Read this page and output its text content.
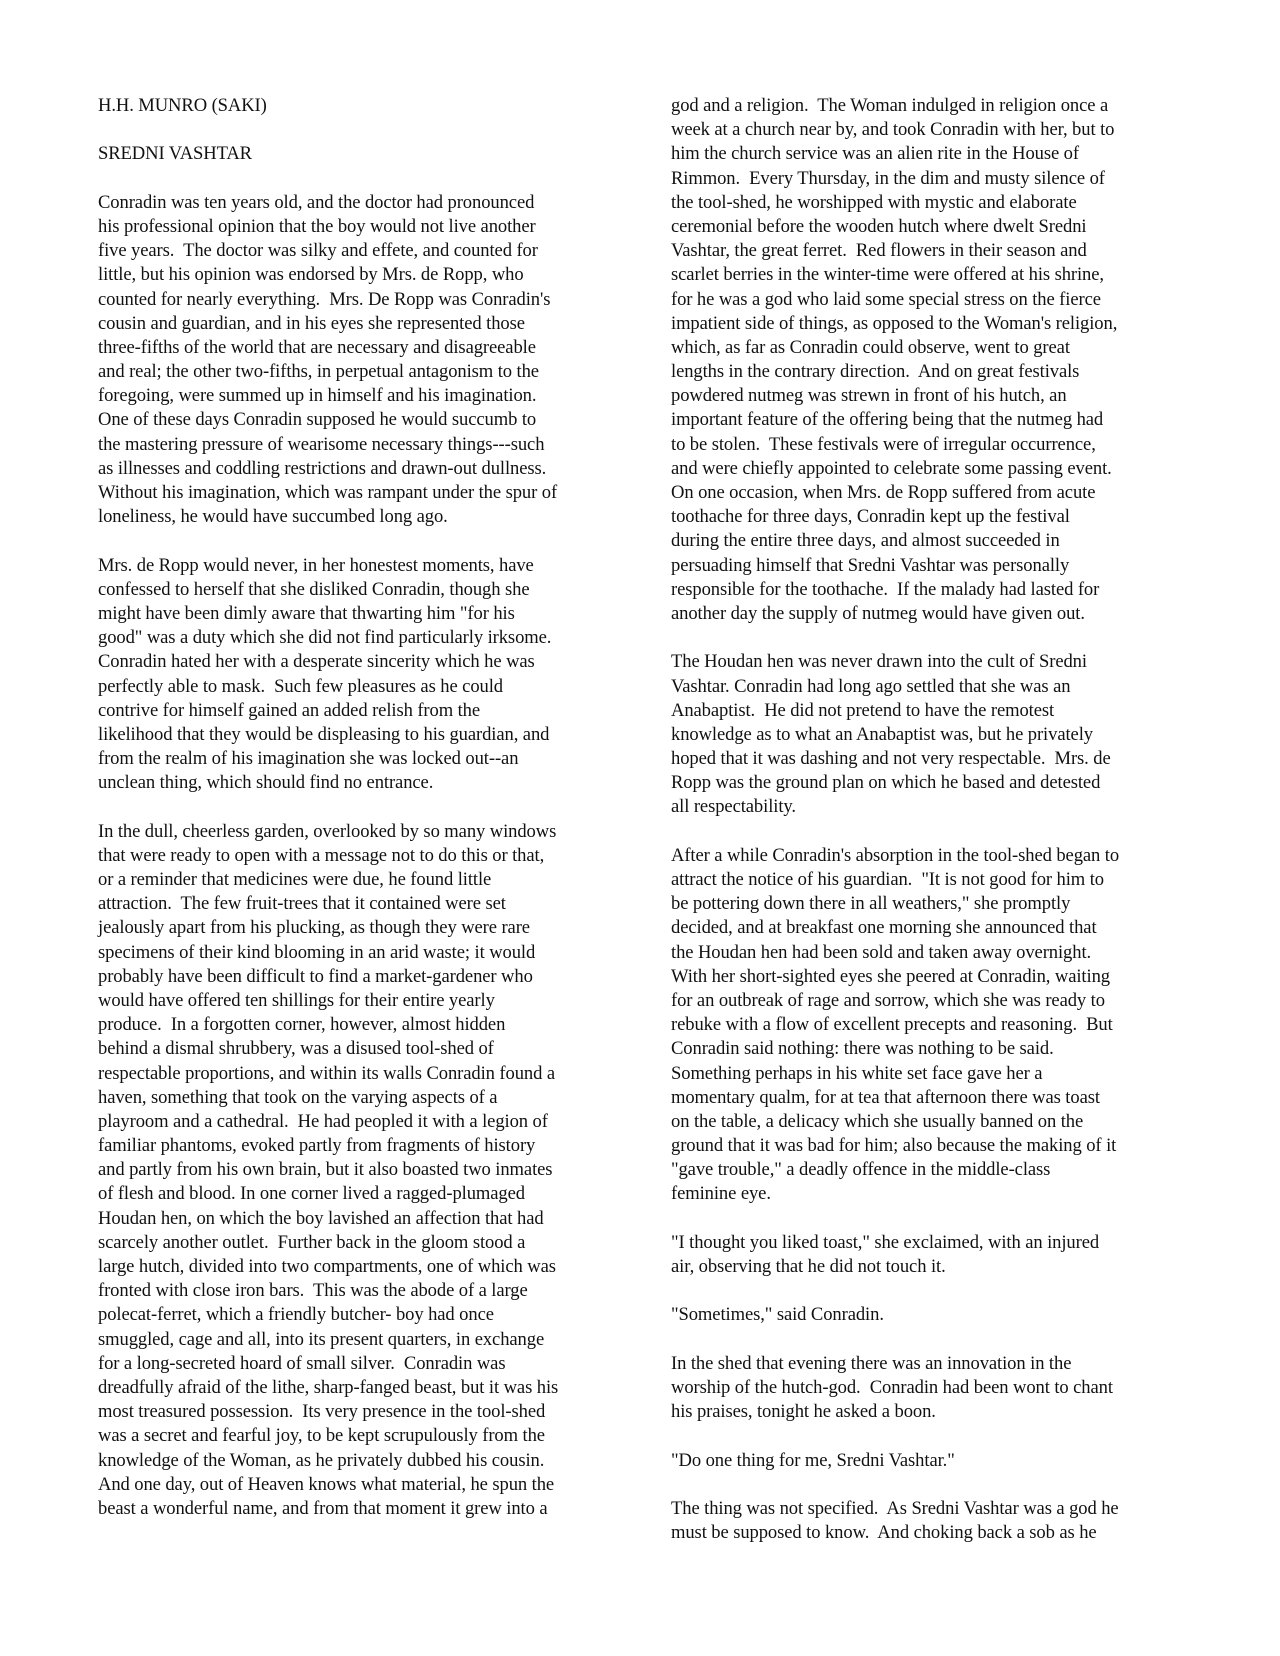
H.H. MUNRO (SAKI)
SREDNI VASHTAR
Conradin was ten years old, and the doctor had pronounced
his professional opinion that the boy would not live another
five years.  The doctor was silky and effete, and counted for
little, but his opinion was endorsed by Mrs. de Ropp, who
counted for nearly everything.  Mrs. De Ropp was Conradin's
cousin and guardian, and in his eyes she represented those
three-fifths of the world that are necessary and disagreeable
and real; the other two-fifths, in perpetual antagonism to the
foregoing, were summed up in himself and his imagination.
One of these days Conradin supposed he would succumb to
the mastering pressure of wearisome necessary things---such
as illnesses and coddling restrictions and drawn-out dullness.
Without his imagination, which was rampant under the spur of
loneliness, he would have succumbed long ago.
Mrs. de Ropp would never, in her honestest moments, have
confessed to herself that she disliked Conradin, though she
might have been dimly aware that thwarting him "for his
good" was a duty which she did not find particularly irksome.
Conradin hated her with a desperate sincerity which he was
perfectly able to mask.  Such few pleasures as he could
contrive for himself gained an added relish from the
likelihood that they would be displeasing to his guardian, and
from the realm of his imagination she was locked out--an
unclean thing, which should find no entrance.
In the dull, cheerless garden, overlooked by so many windows
that were ready to open with a message not to do this or that,
or a reminder that medicines were due, he found little
attraction.  The few fruit-trees that it contained were set
jealously apart from his plucking, as though they were rare
specimens of their kind blooming in an arid waste; it would
probably have been difficult to find a market-gardener who
would have offered ten shillings for their entire yearly
produce.  In a forgotten corner, however, almost hidden
behind a dismal shrubbery, was a disused tool-shed of
respectable proportions, and within its walls Conradin found a
haven, something that took on the varying aspects of a
playroom and a cathedral.  He had peopled it with a legion of
familiar phantoms, evoked partly from fragments of history
and partly from his own brain, but it also boasted two inmates
of flesh and blood. In one corner lived a ragged-plumaged
Houdan hen, on which the boy lavished an affection that had
scarcely another outlet.  Further back in the gloom stood a
large hutch, divided into two compartments, one of which was
fronted with close iron bars.  This was the abode of a large
polecat-ferret, which a friendly butcher- boy had once
smuggled, cage and all, into its present quarters, in exchange
for a long-secreted hoard of small silver.  Conradin was
dreadfully afraid of the lithe, sharp-fanged beast, but it was his
most treasured possession.  Its very presence in the tool-shed
was a secret and fearful joy, to be kept scrupulously from the
knowledge of the Woman, as he privately dubbed his cousin.
And one day, out of Heaven knows what material, he spun the
beast a wonderful name, and from that moment it grew into a
god and a religion.  The Woman indulged in religion once a
week at a church near by, and took Conradin with her, but to
him the church service was an alien rite in the House of
Rimmon.  Every Thursday, in the dim and musty silence of
the tool-shed, he worshipped with mystic and elaborate
ceremonial before the wooden hutch where dwelt Sredni
Vashtar, the great ferret.  Red flowers in their season and
scarlet berries in the winter-time were offered at his shrine,
for he was a god who laid some special stress on the fierce
impatient side of things, as opposed to the Woman's religion,
which, as far as Conradin could observe, went to great
lengths in the contrary direction.  And on great festivals
powdered nutmeg was strewn in front of his hutch, an
important feature of the offering being that the nutmeg had
to be stolen.  These festivals were of irregular occurrence,
and were chiefly appointed to celebrate some passing event.
On one occasion, when Mrs. de Ropp suffered from acute
toothache for three days, Conradin kept up the festival
during the entire three days, and almost succeeded in
persuading himself that Sredni Vashtar was personally
responsible for the toothache.  If the malady had lasted for
another day the supply of nutmeg would have given out.
The Houdan hen was never drawn into the cult of Sredni
Vashtar. Conradin had long ago settled that she was an
Anabaptist.  He did not pretend to have the remotest
knowledge as to what an Anabaptist was, but he privately
hoped that it was dashing and not very respectable.  Mrs. de
Ropp was the ground plan on which he based and detested
all respectability.
After a while Conradin's absorption in the tool-shed began to
attract the notice of his guardian.  "It is not good for him to
be pottering down there in all weathers," she promptly
decided, and at breakfast one morning she announced that
the Houdan hen had been sold and taken away overnight.
With her short-sighted eyes she peered at Conradin, waiting
for an outbreak of rage and sorrow, which she was ready to
rebuke with a flow of excellent precepts and reasoning.  But
Conradin said nothing: there was nothing to be said.
Something perhaps in his white set face gave her a
momentary qualm, for at tea that afternoon there was toast
on the table, a delicacy which she usually banned on the
ground that it was bad for him; also because the making of it
"gave trouble," a deadly offence in the middle-class
feminine eye.
"I thought you liked toast," she exclaimed, with an injured
air, observing that he did not touch it.
"Sometimes," said Conradin.
In the shed that evening there was an innovation in the
worship of the hutch-god.  Conradin had been wont to chant
his praises, tonight he asked a boon.
"Do one thing for me, Sredni Vashtar."
The thing was not specified.  As Sredni Vashtar was a god he
must be supposed to know.  And choking back a sob as he
